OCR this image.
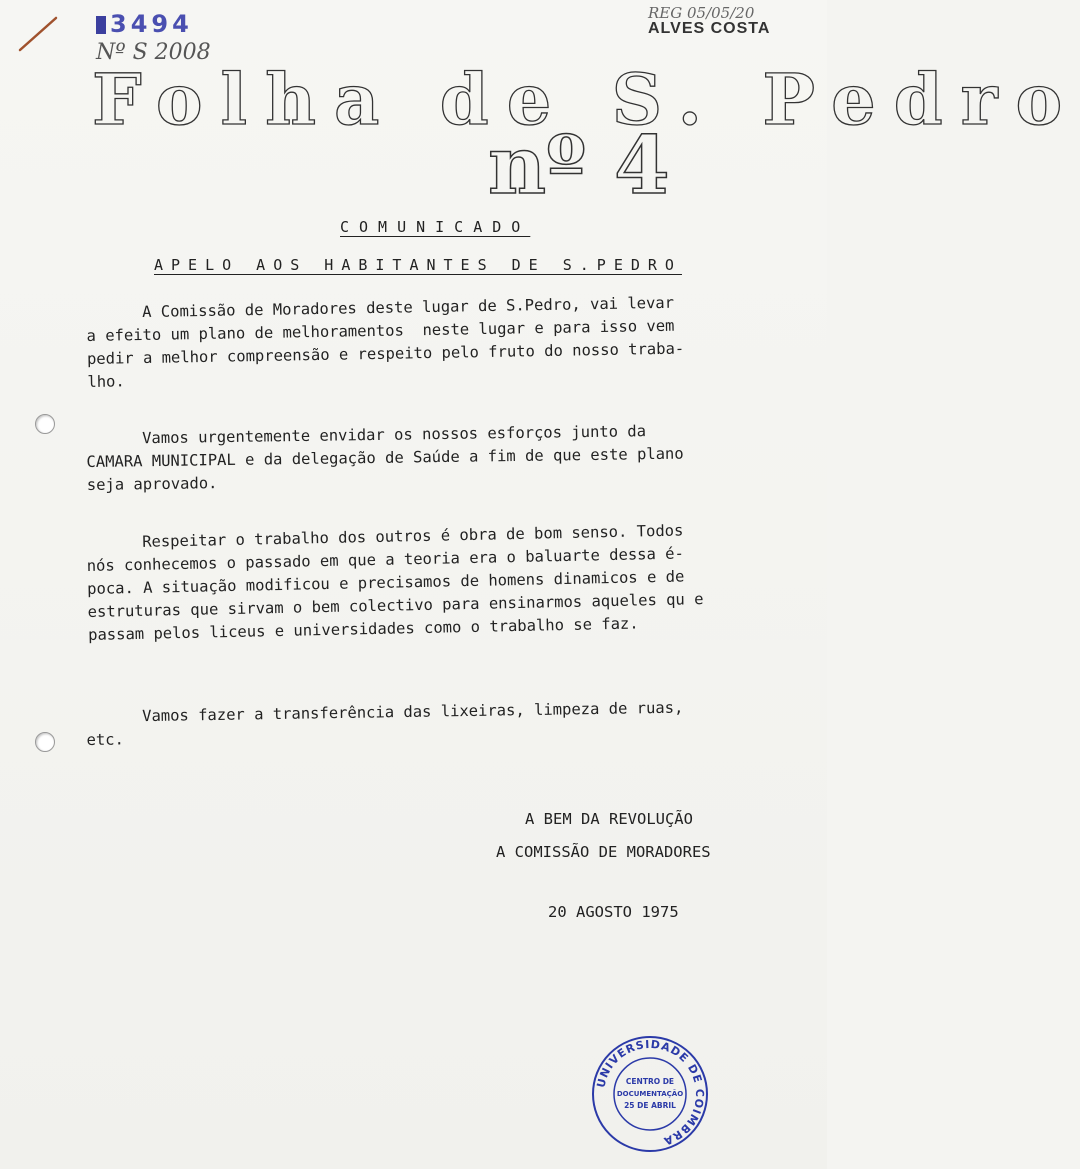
3494
Nº S 2008
REG 05/05/20
ALVES COSTA
Folha de S. Pedro
nº 4
COMUNICADO
APELO AOS HABITANTES DE S.PEDRO

A Comissão de Moradores deste lugar de S.Pedro, vai levar

a efeito um plano de melhoramentos  neste lugar e para isso vem

pedir a melhor compreensão e respeito pelo fruto do nosso traba-

lho.

Vamos urgentemente envidar os nossos esforços junto da

CAMARA MUNICIPAL e da delegação de Saúde a fim de que este plano

seja aprovado.

Respeitar o trabalho dos outros é obra de bom senso. Todos

nós conhecemos o passado em que a teoria era o baluarte dessa é-

poca. A situação modificou e precisamos de homens dinamicos e de

estruturas que sirvam o bem colectivo para ensinarmos aqueles qu e

passam pelos liceus e universidades como o trabalho se faz.

Vamos fazer a transferência das lixeiras, limpeza de ruas,

etc.

A BEM DA REVOLUÇÃO
A COMISSÃO DE MORADORES
20 AGOSTO 1975
UNIVERSIDADE DE COIMBRA
CENTRO DE
DOCUMENTAÇÃO
25 DE ABRIL
